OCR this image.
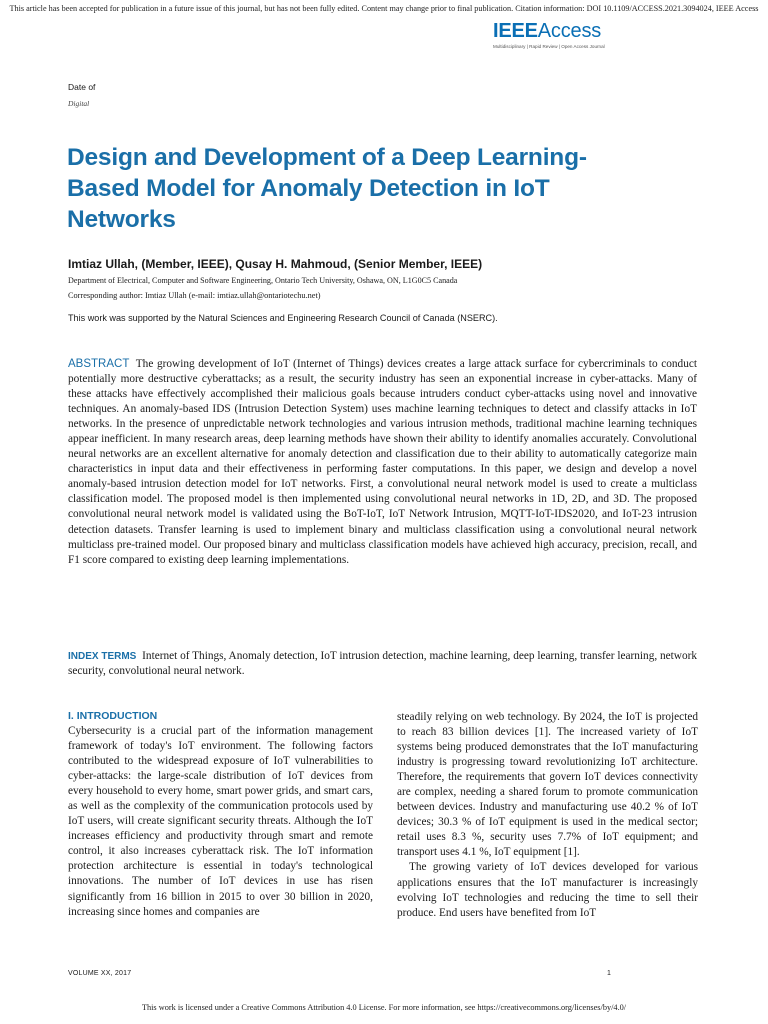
This article has been accepted for publication in a future issue of this journal, but has not been fully edited. Content may change prior to final publication. Citation information: DOI 10.1109/ACCESS.2021.3094024, IEEE Access
IEEEAccess
Multidisciplinary | Rapid Review | Open Access Journal
Date of
Digital
Design and Development of a Deep Learning-Based Model for Anomaly Detection in IoT Networks
Imtiaz Ullah, (Member, IEEE), Qusay H. Mahmoud, (Senior Member, IEEE)
Department of Electrical, Computer and Software Engineering, Ontario Tech University, Oshawa, ON, L1G0C5 Canada
Corresponding author: Imtiaz Ullah (e-mail: imtiaz.ullah@ontariotechu.net)
This work was supported by the Natural Sciences and Engineering Research Council of Canada (NSERC).
ABSTRACT The growing development of IoT (Internet of Things) devices creates a large attack surface for cybercriminals to conduct potentially more destructive cyberattacks; as a result, the security industry has seen an exponential increase in cyber-attacks. Many of these attacks have effectively accomplished their malicious goals because intruders conduct cyber-attacks using novel and innovative techniques. An anomaly-based IDS (Intrusion Detection System) uses machine learning techniques to detect and classify attacks in IoT networks. In the presence of unpredictable network technologies and various intrusion methods, traditional machine learning techniques appear inefficient. In many research areas, deep learning methods have shown their ability to identify anomalies accurately. Convolutional neural networks are an excellent alternative for anomaly detection and classification due to their ability to automatically categorize main characteristics in input data and their effectiveness in performing faster computations. In this paper, we design and develop a novel anomaly-based intrusion detection model for IoT networks. First, a convolutional neural network model is used to create a multiclass classification model. The proposed model is then implemented using convolutional neural networks in 1D, 2D, and 3D. The proposed convolutional neural network model is validated using the BoT-IoT, IoT Network Intrusion, MQTT-IoT-IDS2020, and IoT-23 intrusion detection datasets. Transfer learning is used to implement binary and multiclass classification using a convolutional neural network multiclass pre-trained model. Our proposed binary and multiclass classification models have achieved high accuracy, precision, recall, and F1 score compared to existing deep learning implementations.
INDEX TERMS Internet of Things, Anomaly detection, IoT intrusion detection, machine learning, deep learning, transfer learning, network security, convolutional neural network.
I. INTRODUCTION
Cybersecurity is a crucial part of the information management framework of today's IoT environment. The following factors contributed to the widespread exposure of IoT vulnerabilities to cyber-attacks: the large-scale distribution of IoT devices from every household to every home, smart power grids, and smart cars, as well as the complexity of the communication protocols used by IoT users, will create significant security threats. Although the IoT increases efficiency and productivity through smart and remote control, it also increases cyberattack risk. The IoT information protection architecture is essential in today's technological innovations. The number of IoT devices in use has risen significantly from 16 billion in 2015 to over 30 billion in 2020, increasing since homes and companies are
steadily relying on web technology. By 2024, the IoT is projected to reach 83 billion devices [1]. The increased variety of IoT systems being produced demonstrates that the IoT manufacturing industry is progressing toward revolutionizing IoT architecture. Therefore, the requirements that govern IoT devices connectivity are complex, needing a shared forum to promote communication between devices. Industry and manufacturing use 40.2 % of IoT devices; 30.3 % of IoT equipment is used in the medical sector; retail uses 8.3 %, security uses 7.7% of IoT equipment; and transport uses 4.1 %, IoT equipment [1].
The growing variety of IoT devices developed for various applications ensures that the IoT manufacturer is increasingly evolving IoT technologies and reducing the time to sell their produce. End users have benefited from IoT
VOLUME XX, 2017	1
This work is licensed under a Creative Commons Attribution 4.0 License. For more information, see https://creativecommons.org/licenses/by/4.0/
